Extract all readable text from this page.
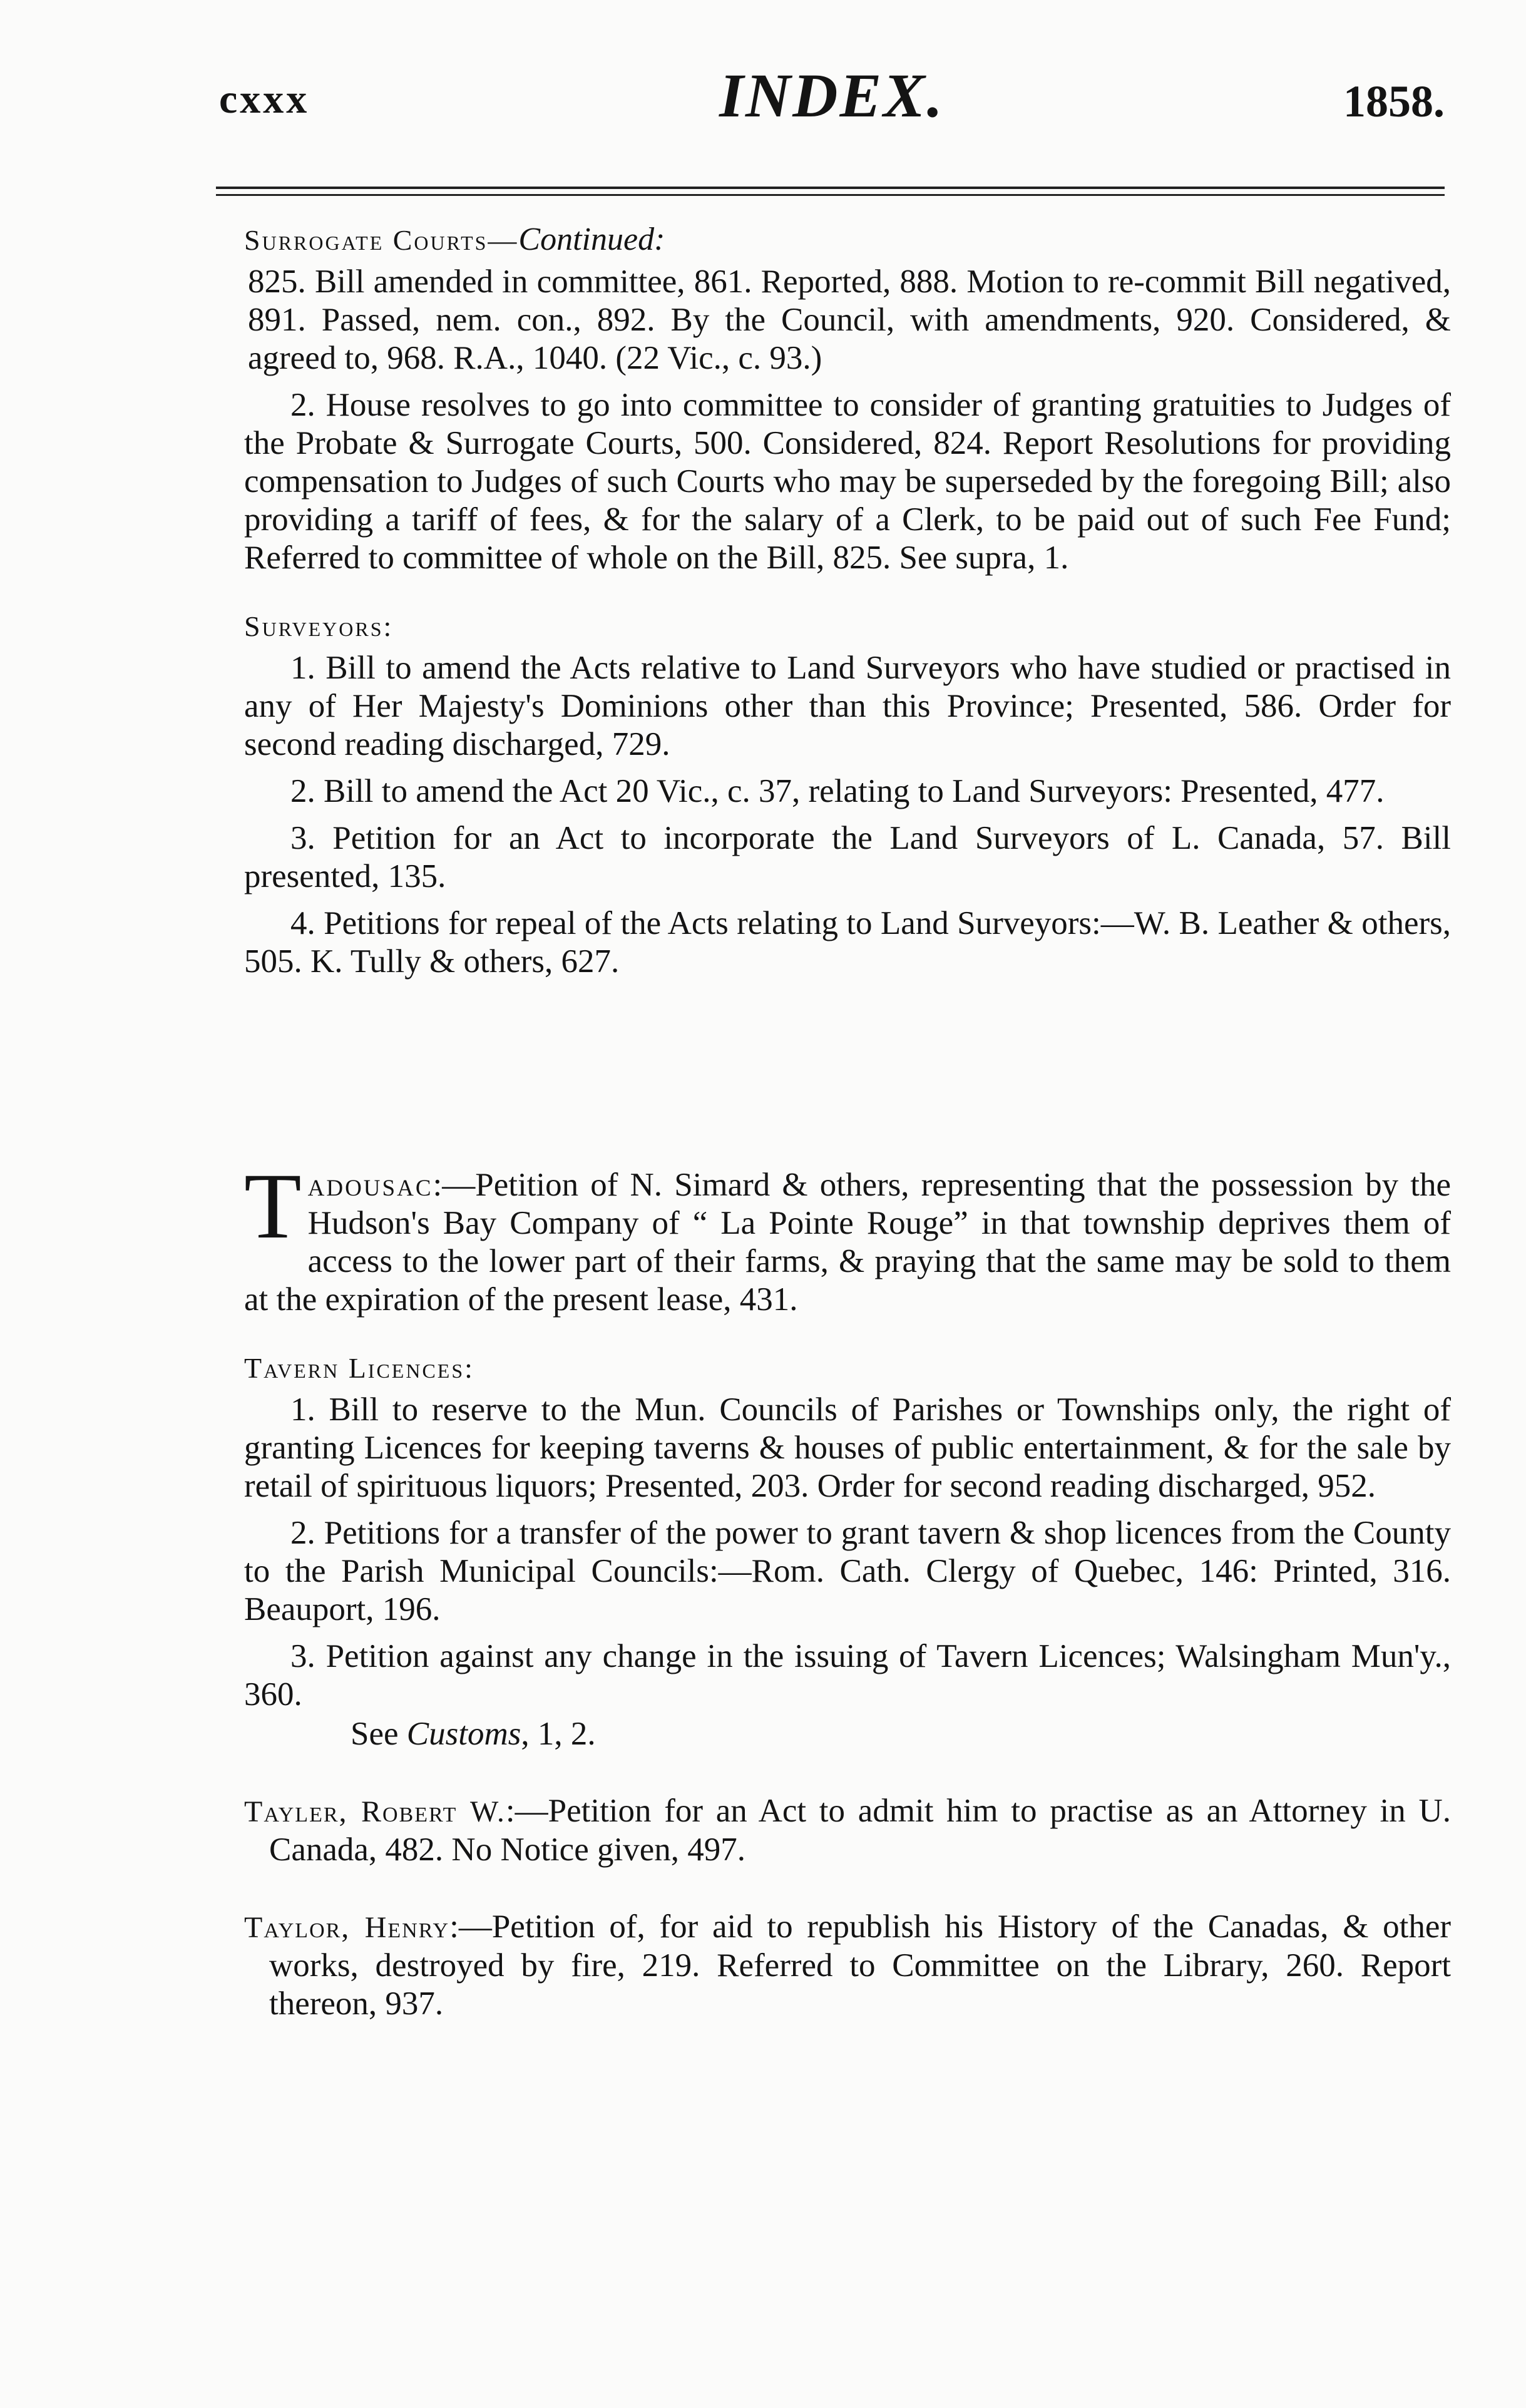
cxxx	INDEX.	1858.

Surrogate Courts—Continued:

825. Bill amended in committee, 861. Reported, 888. Motion to re-commit Bill negatived, 891. Passed, nem. con., 892. By the Council, with amendments, 920. Considered, & agreed to, 968. R.A., 1040. (22 Vic., c. 93.)

2. House resolves to go into committee to consider of granting gratuities to Judges of the Probate & Surrogate Courts, 500. Considered, 824. Report Resolutions for providing compensation to Judges of such Courts who may be superseded by the foregoing Bill; also providing a tariff of fees, & for the salary of a Clerk, to be paid out of such Fee Fund; Referred to committee of whole on the Bill, 825. See supra, 1.

Surveyors:

1. Bill to amend the Acts relative to Land Surveyors who have studied or practised in any of Her Majesty's Dominions other than this Province; Presented, 586. Order for second reading discharged, 729.

2. Bill to amend the Act 20 Vic., c. 37, relating to Land Surveyors: Presented, 477.

3. Petition for an Act to incorporate the Land Surveyors of L. Canada, 57. Bill presented, 135.

4. Petitions for repeal of the Acts relating to Land Surveyors:—W. B. Leather & others, 505. K. Tully & others, 627.

Tadousac:—Petition of N. Simard & others, representing that the possession by the Hudson's Bay Company of “ La Pointe Rouge” in that township deprives them of access to the lower part of their farms, & praying that the same may be sold to them at the expiration of the present lease, 431.

Tavern Licences:

1. Bill to reserve to the Mun. Councils of Parishes or Townships only, the right of granting Licences for keeping taverns & houses of public entertainment, & for the sale by retail of spirituous liquors; Presented, 203. Order for second reading discharged, 952.

2. Petitions for a transfer of the power to grant tavern & shop licences from the County to the Parish Municipal Councils:—Rom. Cath. Clergy of Quebec, 146: Printed, 316. Beauport, 196.

3. Petition against any change in the issuing of Tavern Licences; Walsingham Mun'y., 360.

See Customs, 1, 2.

Tayler, Robert W.:—Petition for an Act to admit him to practise as an Attorney in U. Canada, 482. No Notice given, 497.

Taylor, Henry:—Petition of, for aid to republish his History of the Canadas, & other works, destroyed by fire, 219. Referred to Committee on the Library, 260. Report thereon, 937.
